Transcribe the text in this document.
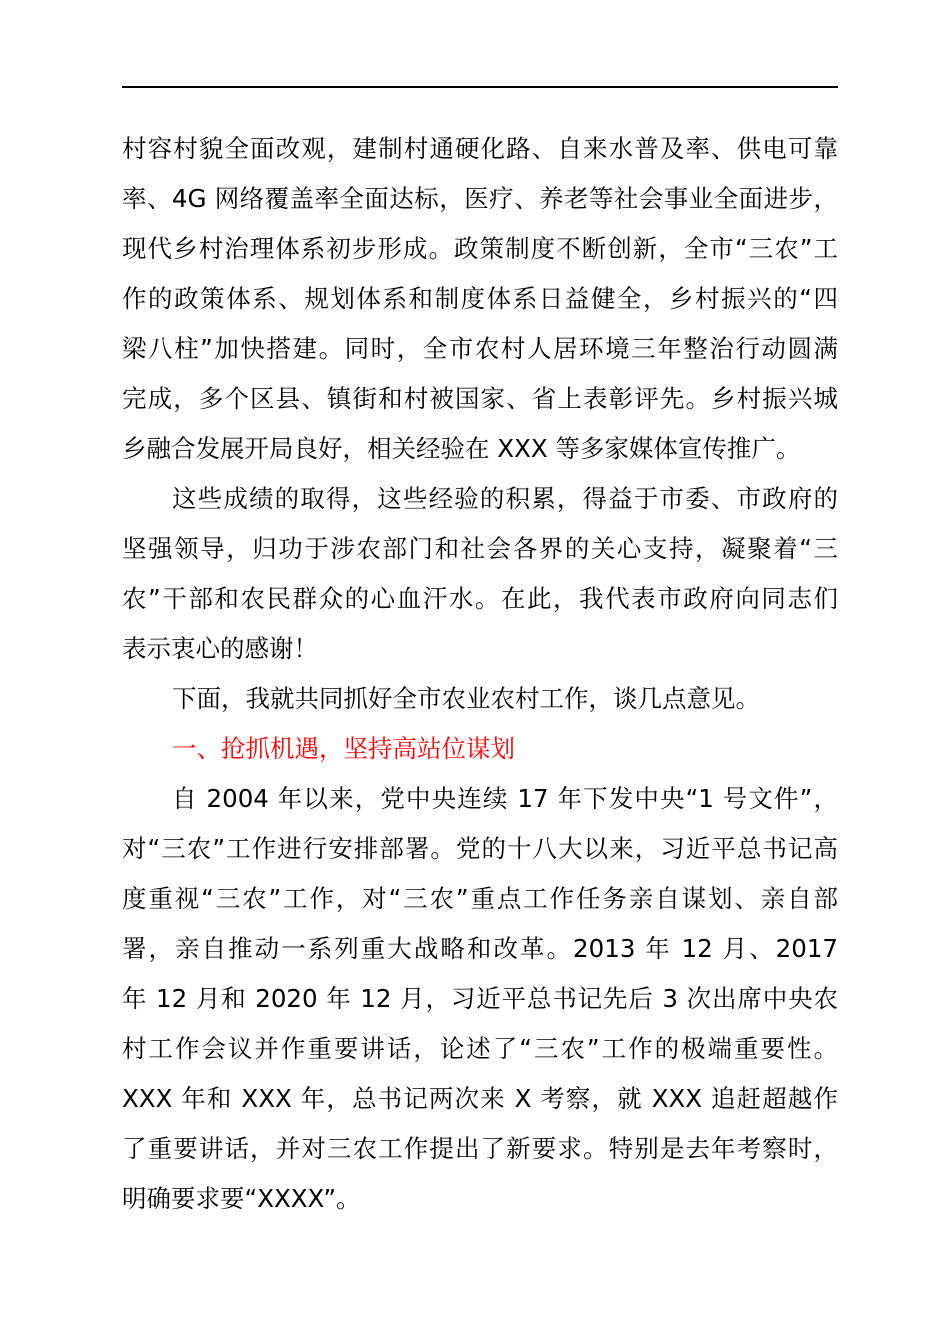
村容村貌全面改观，建制村通硬化路、自来水普及率、供电可靠
率、4G 网络覆盖率全面达标，医疗、养老等社会事业全面进步，
现代乡村治理体系初步形成。政策制度不断创新，全市“三农”工
作的政策体系、规划体系和制度体系日益健全，乡村振兴的“四
梁八柱”加快搭建。同时，全市农村人居环境三年整治行动圆满
完成，多个区县、镇街和村被国家、省上表彰评先。乡村振兴城
乡融合发展开局良好，相关经验在 XXX 等多家媒体宣传推广。
这些成绩的取得，这些经验的积累，得益于市委、市政府的
坚强领导，归功于涉农部门和社会各界的关心支持，凝聚着“三
农”干部和农民群众的心血汗水。在此，我代表市政府向同志们
表示衷心的感谢！
下面，我就共同抓好全市农业农村工作，谈几点意见。
一、抢抓机遇，坚持高站位谋划
自 2004 年以来，党中央连续 17 年下发中央“1 号文件”，
对“三农”工作进行安排部署。党的十八大以来，习近平总书记高
度重视“三农”工作，对“三农”重点工作任务亲自谋划、亲自部
署，亲自推动一系列重大战略和改革。2013 年 12 月、2017
年 12 月和 2020 年 12 月，习近平总书记先后 3 次出席中央农
村工作会议并作重要讲话，论述了“三农”工作的极端重要性。
XXX 年和 XXX 年，总书记两次来 X 考察，就 XXX 追赶超越作
了重要讲话，并对三农工作提出了新要求。特别是去年考察时，
明确要求要“XXXX”。
